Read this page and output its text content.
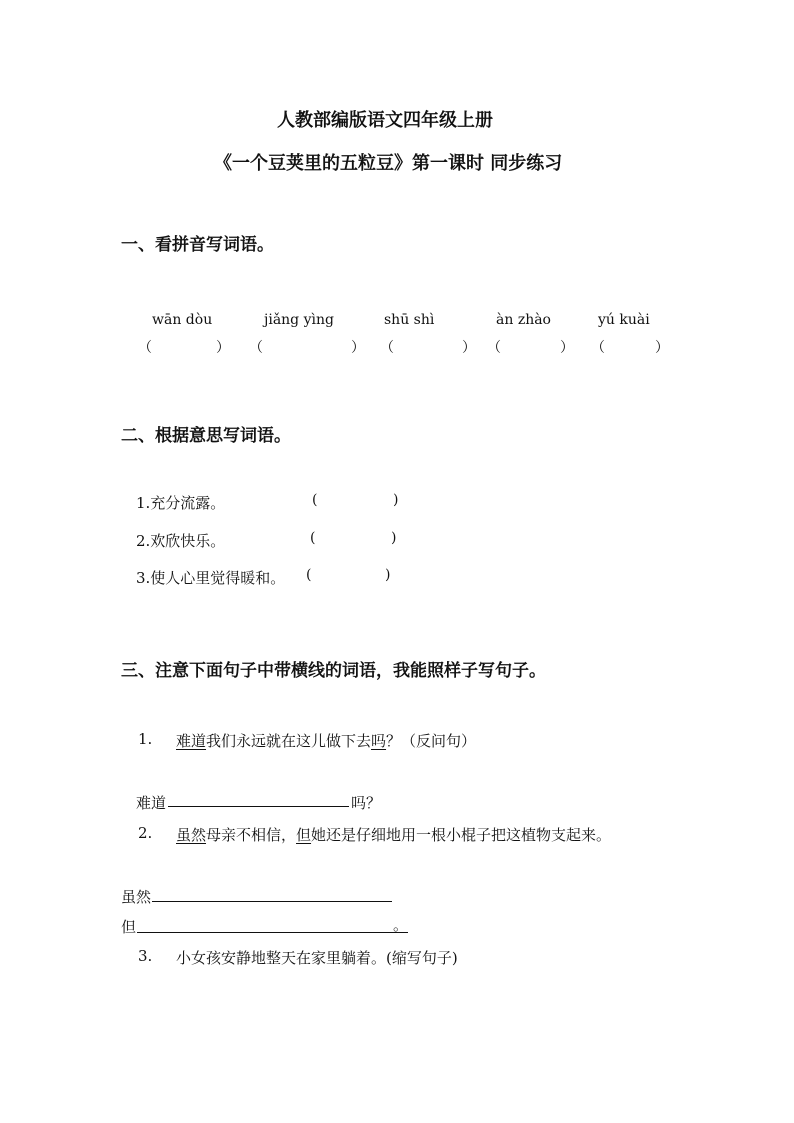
人教部编版语文四年级上册
《一个豆荚里的五粒豆》第一课时 同步练习
一、看拼音写词语。
wān dòu	jiǎng yìng	shū shì	àn zhào	yú kuài
（	） （	） （	） （	） （	）
二、根据意思写词语。
1.充分流露。	(	)
2.欢欣快乐。	(	)
3.使人心里觉得暖和。 (	)
三、注意下面句子中带横线的词语，我能照样子写句子。
1. 难道我们永远就在这儿做下去吗？（反问句）
难道	吗？
2. 虽然母亲不相信，但她还是仔细地用一根小棍子把这植物支起来。
虽然
但	。
3. 小女孩安静地整天在家里躺着。(缩写句子)
